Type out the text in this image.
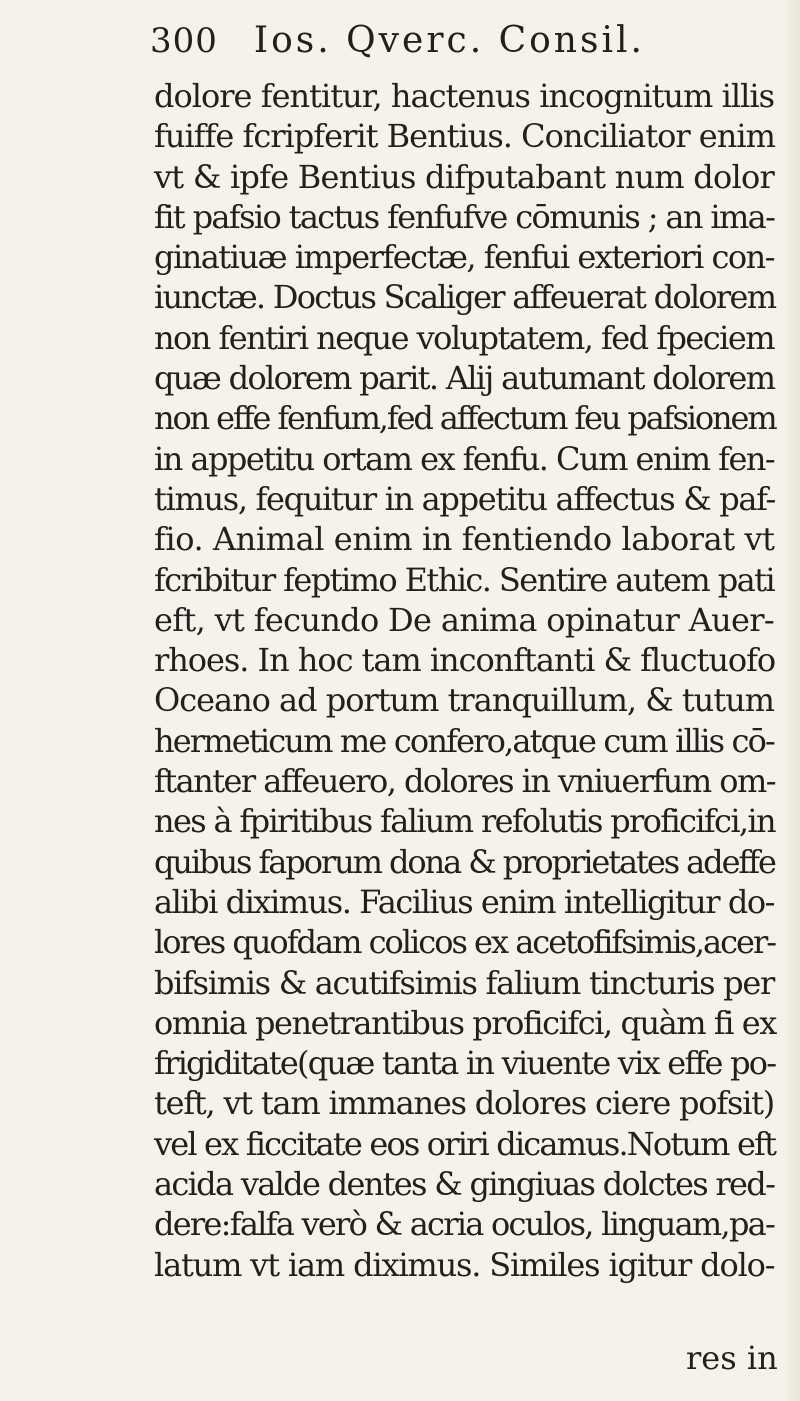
300 Ios. Qverc. Consil.
dolore fentitur, hactenus incognitum illis
fuiffe fcripferit Bentius. Conciliator enim
vt & ipfe Bentius difputabant num dolor
fit pafsio tactus fenfufve cōmunis ; an ima-
ginatiuæ imperfectæ, fenfui exteriori con-
iunctæ. Doctus Scaliger affeuerat dolorem
non fentiri neque voluptatem, fed fpeciem
quæ dolorem parit. Alij autumant dolorem
non effe fenfum,fed affectum feu pafsionem
in appetitu ortam ex fenfu. Cum enim fen-
timus, fequitur in appetitu affectus & paf-
fio. Animal enim in fentiendo laborat vt
fcribitur feptimo Ethic. Sentire autem pati
eft, vt fecundo De anima opinatur Auer-
rhoes. In hoc tam inconftanti & fluctuofo
Oceano ad portum tranquillum, & tutum
hermeticum me confero,atque cum illis cō-
ftanter affeuero, dolores in vniuerfum om-
nes à fpiritibus falium refolutis proficifci,in
quibus faporum dona & proprietates adeffe
alibi diximus. Facilius enim intelligitur do-
lores quofdam colicos ex acetofifsimis,acer-
bifsimis & acutifsimis falium tincturis per
omnia penetrantibus proficifci, quàm fi ex
frigiditate(quæ tanta in viuente vix effe po-
teft, vt tam immanes dolores ciere pofsit)
vel ex ficcitate eos oriri dicamus.Notum eft
acida valde dentes & gingiuas dolctes red-
dere:falfa verò & acria oculos, linguam,pa-
latum vt iam diximus. Similes igitur dolo-
res in
